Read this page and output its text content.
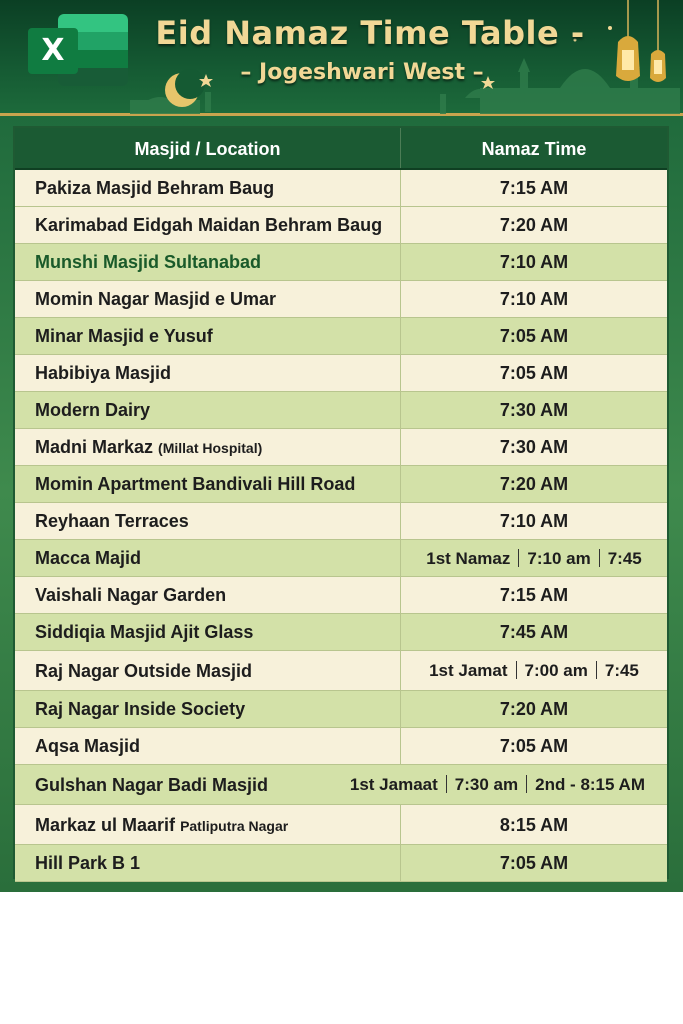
X	Eid Namaz Time Table -
– Jogeshwari West –
Masjid / Location	Namaz Time
Pakiza Masjid Behram Baug	7:15 AM
Karimabad Eidgah Maidan Behram Baug	7:20 AM
Munshi Masjid Sultanabad	7:10 AM
Momin Nagar Masjid e Umar	7:10 AM
Minar Masjid e Yusuf	7:05 AM
Habibiya Masjid	7:05 AM
Modern Dairy	7:30 AM
Madni Markaz (Millat Hospital)	7:30 AM
Momin Apartment Bandivali Hill Road	7:20 AM
Reyhaan Terraces	7:10 AM
Macca Majid	1st Namaz 7:10 am 7:45
Vaishali Nagar Garden	7:15 AM
Siddiqia Masjid Ajit Glass	7:45 AM
Raj Nagar Outside Masjid	1st Jamat 7:00 am 7:45
Raj Nagar Inside Society	7:20 AM
Aqsa Masjid	7:05 AM
Gulshan Nagar Badi Masjid	1st Jamaat 7:30 am 2nd - 8:15 AM
Markaz ul Maarif Patliputra Nagar	8:15 AM
Hill Park B 1	7:05 AM
